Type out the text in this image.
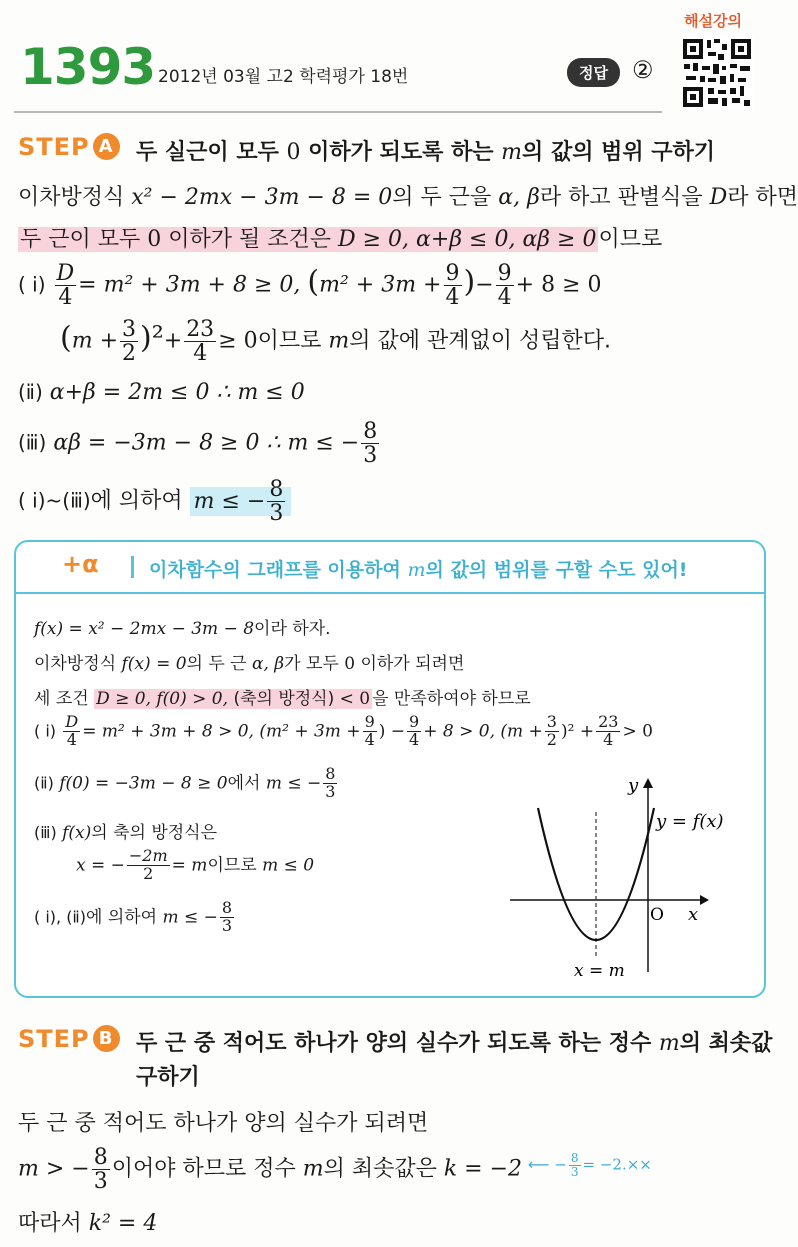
1393 2012년 03월 고2 학력평가 18번	정답	②
해설강의
STEP A 두 실근이 모두 0 이하가 되도록 하는 m의 값의 범위 구하기
이차방정식 x² − 2mx − 3m − 8 = 0의 두 근을 α, β라 하고 판별식을 D라 하면
두 근이 모두 0 이하가 될 조건은 D ≥ 0, α+β ≤ 0, αβ ≥ 0이므로
( ⅰ) $\frac{D}{4} = m^2 + 3m + 8 \ge 0$, ($m^2 + 3m + \frac{9}{4}$ )− $\frac{9}{4} + 8 \ge 0$
$(m + \frac{3}{2} )^2+ \frac{23}{4} \ge 0$이므로 m의 값에 관계없이 성립한다.
(ⅱ) α+β = 2m ≤ 0 ∴ m ≤ 0
(ⅲ) αβ = −3m − 8 ≥ 0 ∴ m ≤ − $\frac{8}{3}$
( ⅰ)~(ⅲ)에 의하여 m ≤ − $\frac{8}{3}$
+α	이차함수의 그래프를 이용하여 m의 값의 범위를 구할 수도 있어!
f(x) = x² − 2mx − 3m − 8이라 하자.
이차방정식 f(x) = 0의 두 근 α, β가 모두 0 이하가 되려면
세 조건 D ≥ 0, f(0) > 0, (축의 방정식) < 0 을 만족하여야 하므로
( ⅰ) $\frac{D}{4} = m^2 + 3m + 8 > 0$, ($m^2 + 3m + \frac{9}{4}$ ) − $\frac{9}{4} + 8 > 0$, $(m + \frac{3}{2} )^2 + \frac{23}{4} > 0$
(ⅱ) f(0) = −3m − 8 ≥ 0에서 m ≤ − $\frac{8}{3}$
(ⅲ) f(x)의 축의 방정식은
x = − $\frac{-2m}{2} = m$이므로 m ≤ 0
( ⅰ), (ⅱ)에 의하여 m ≤ − $\frac{8}{3}$
y
y = f(x)
O x
x = m
STEP B 두 근 중 적어도 하나가 양의 실수가 되도록 하는 정수 m의 최솟값
구하기
두 근 중 적어도 하나가 양의 실수가 되려면
m > − $\frac{8}{3}$ 이어야 하므로 정수 m의 최솟값은 k = −2 ⟵ − $\frac{8}{3} = -2.\times\times$
따라서 k² = 4
